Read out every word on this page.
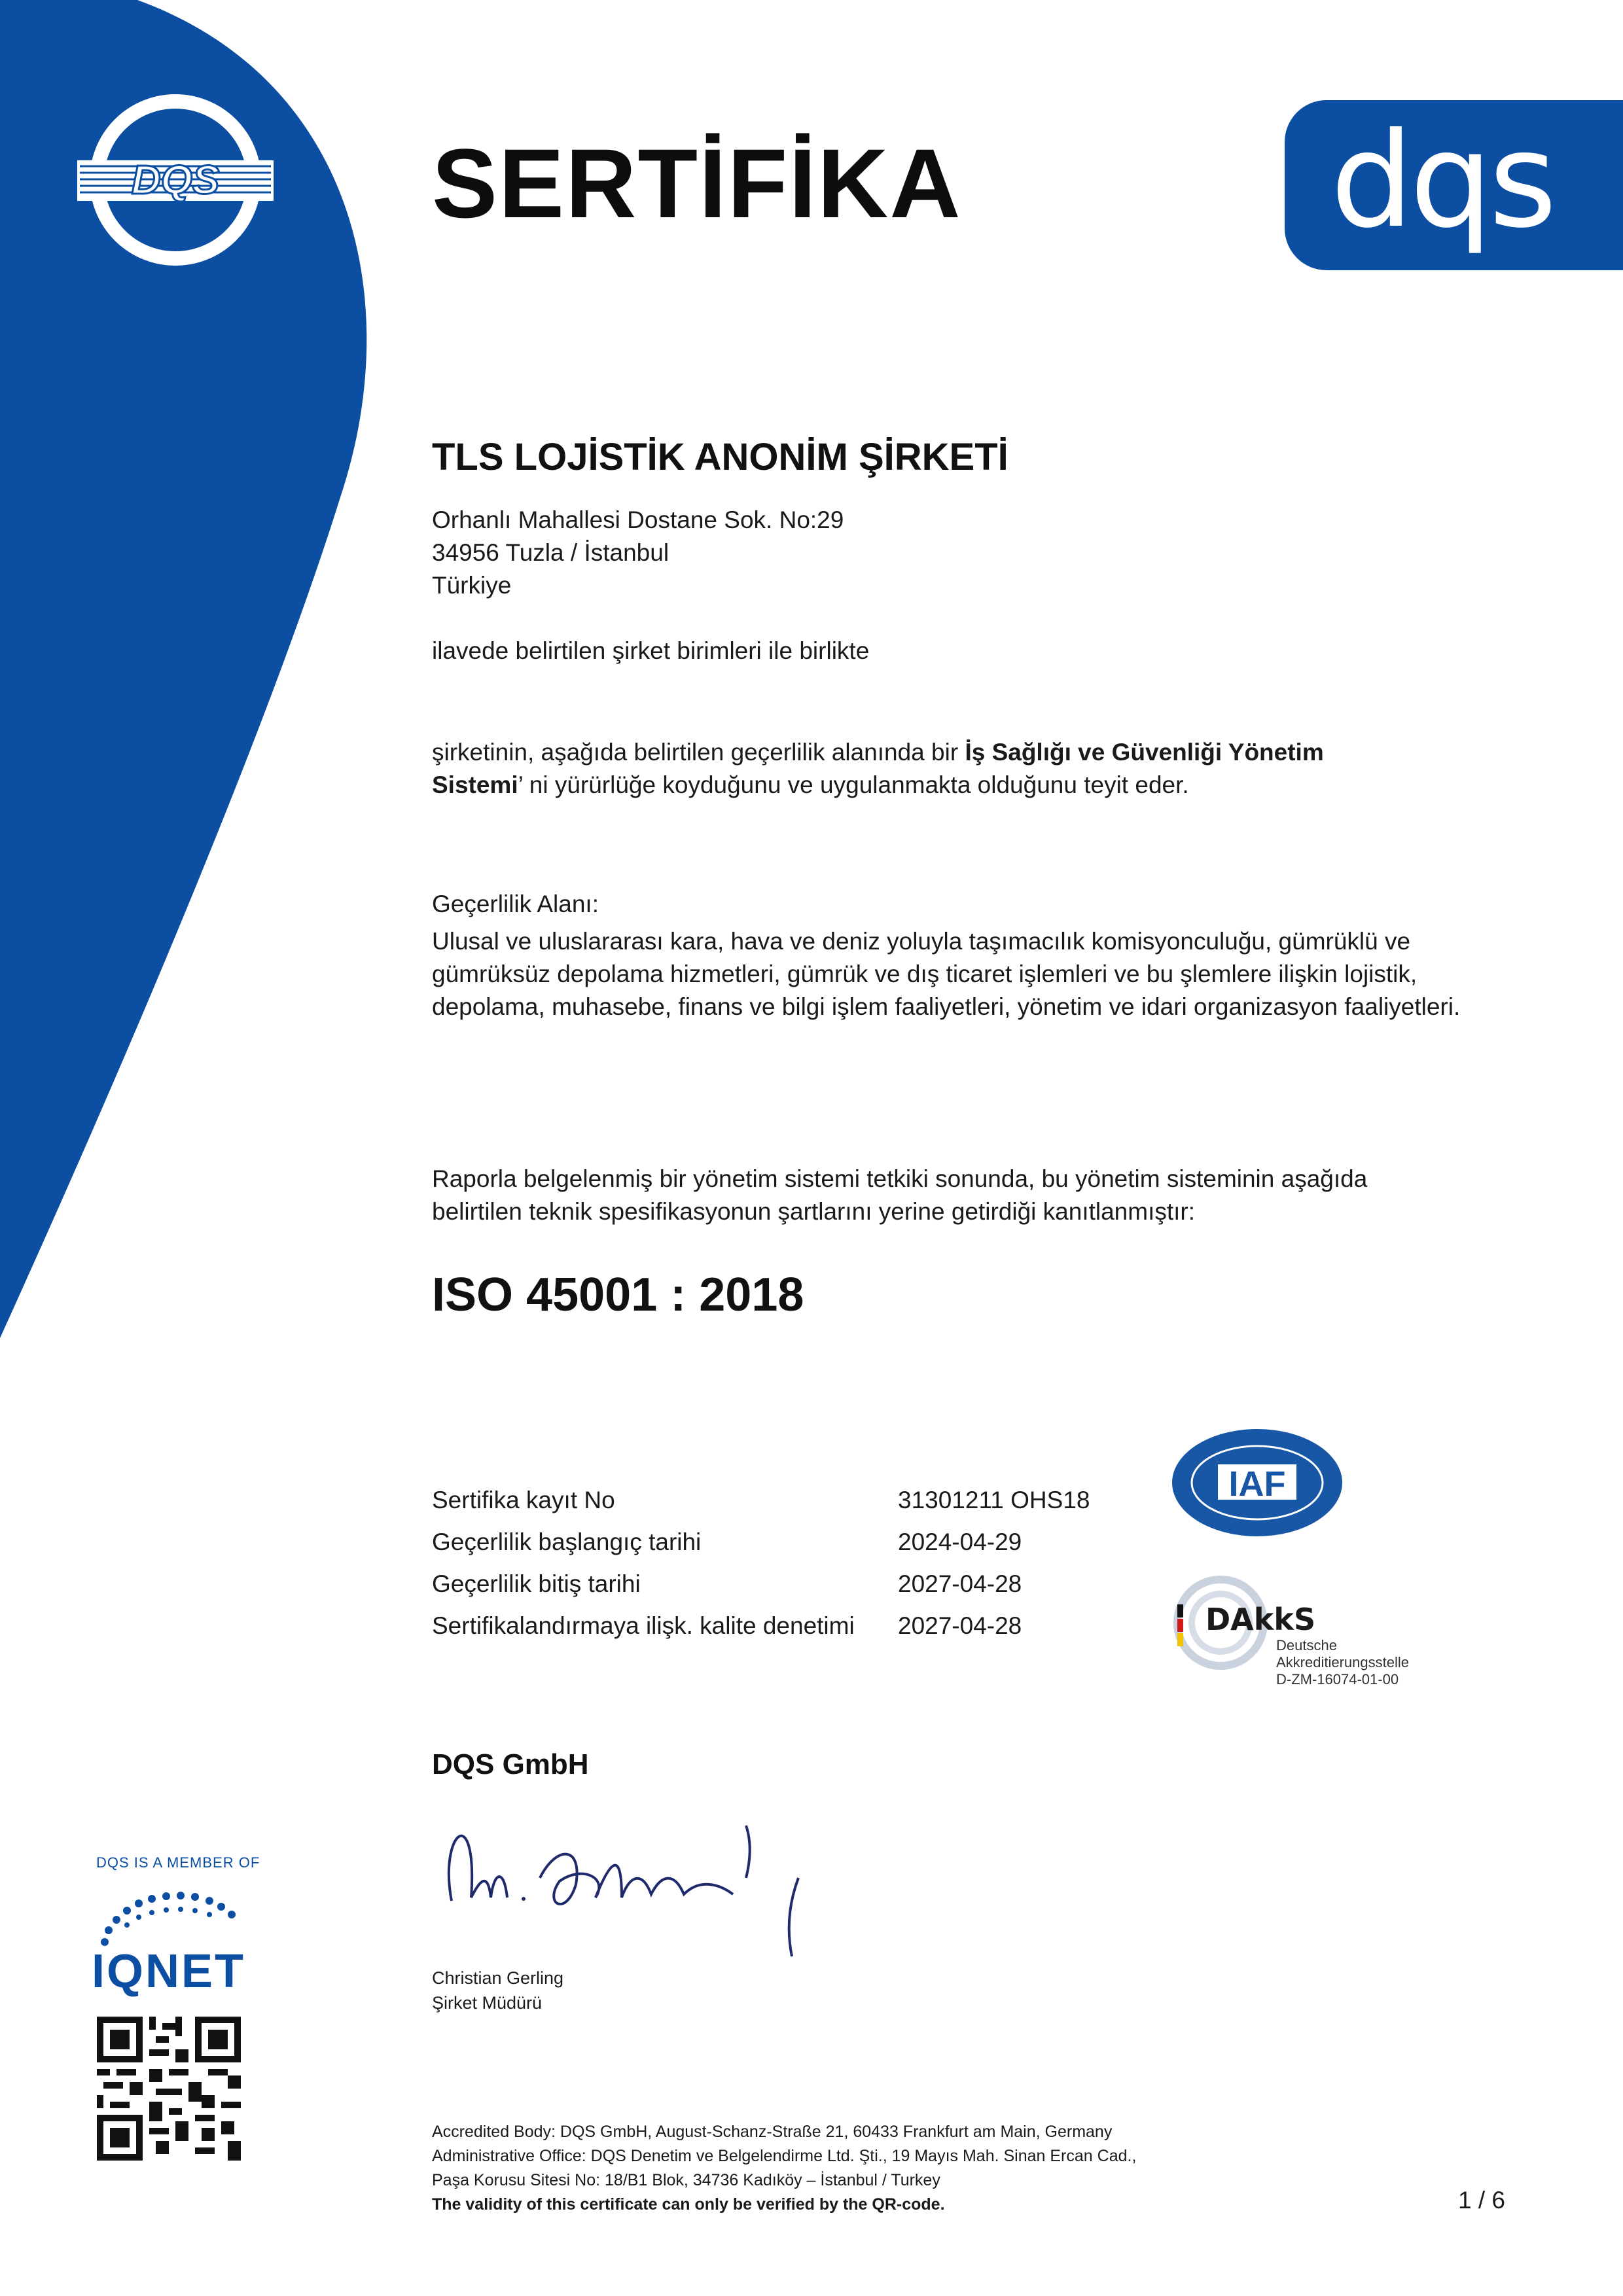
DQS	dqs
SERTİFİKA
TLS LOJİSTİK ANONİM ŞİRKETİ
Orhanlı Mahallesi Dostane Sok. No:29
34956 Tuzla / İstanbul
Türkiye
ilavede belirtilen şirket birimleri ile birlikte
şirketinin, aşağıda belirtilen geçerlilik alanında bir İş Sağlığı ve Güvenliği Yönetim
Sistemi’ ni yürürlüğe koyduğunu ve uygulanmakta olduğunu teyit eder.
Geçerlilik Alanı:
Ulusal ve uluslararası kara, hava ve deniz yoluyla taşımacılık komisyonculuğu, gümrüklü ve
gümrüksüz depolama hizmetleri, gümrük ve dış ticaret işlemleri ve bu şlemlere ilişkin lojistik,
depolama, muhasebe, finans ve bilgi işlem faaliyetleri, yönetim ve idari organizasyon faaliyetleri.
Raporla belgelenmiş bir yönetim sistemi tetkiki sonunda, bu yönetim sisteminin aşağıda
belirtilen teknik spesifikasyonun şartlarını yerine getirdiği kanıtlanmıştır:
ISO 45001 : 2018
Sertifika kayıt No	31301211 OHS18
Geçerlilik başlangıç tarihi	2024-04-29
Geçerlilik bitiş tarihi	2027-04-28
Sertifikalandırmaya ilişk. kalite denetimi 2027-04-28
IAF
DAkkS
Deutsche
Akkreditierungsstelle
D-ZM-16074-01-00
DQS GmbH
Christian Gerling
Şirket Müdürü
DQS IS A MEMBER OF
IQNET
Accredited Body: DQS GmbH, August-Schanz-Straße 21, 60433 Frankfurt am Main, Germany
Administrative Office: DQS Denetim ve Belgelendirme Ltd. Şti., 19 Mayıs Mah. Sinan Ercan Cad.,
Paşa Korusu Sitesi No: 18/B1 Blok, 34736 Kadıköy – İstanbul / Turkey
The validity of this certificate can only be verified by the QR-code.	1 / 6
